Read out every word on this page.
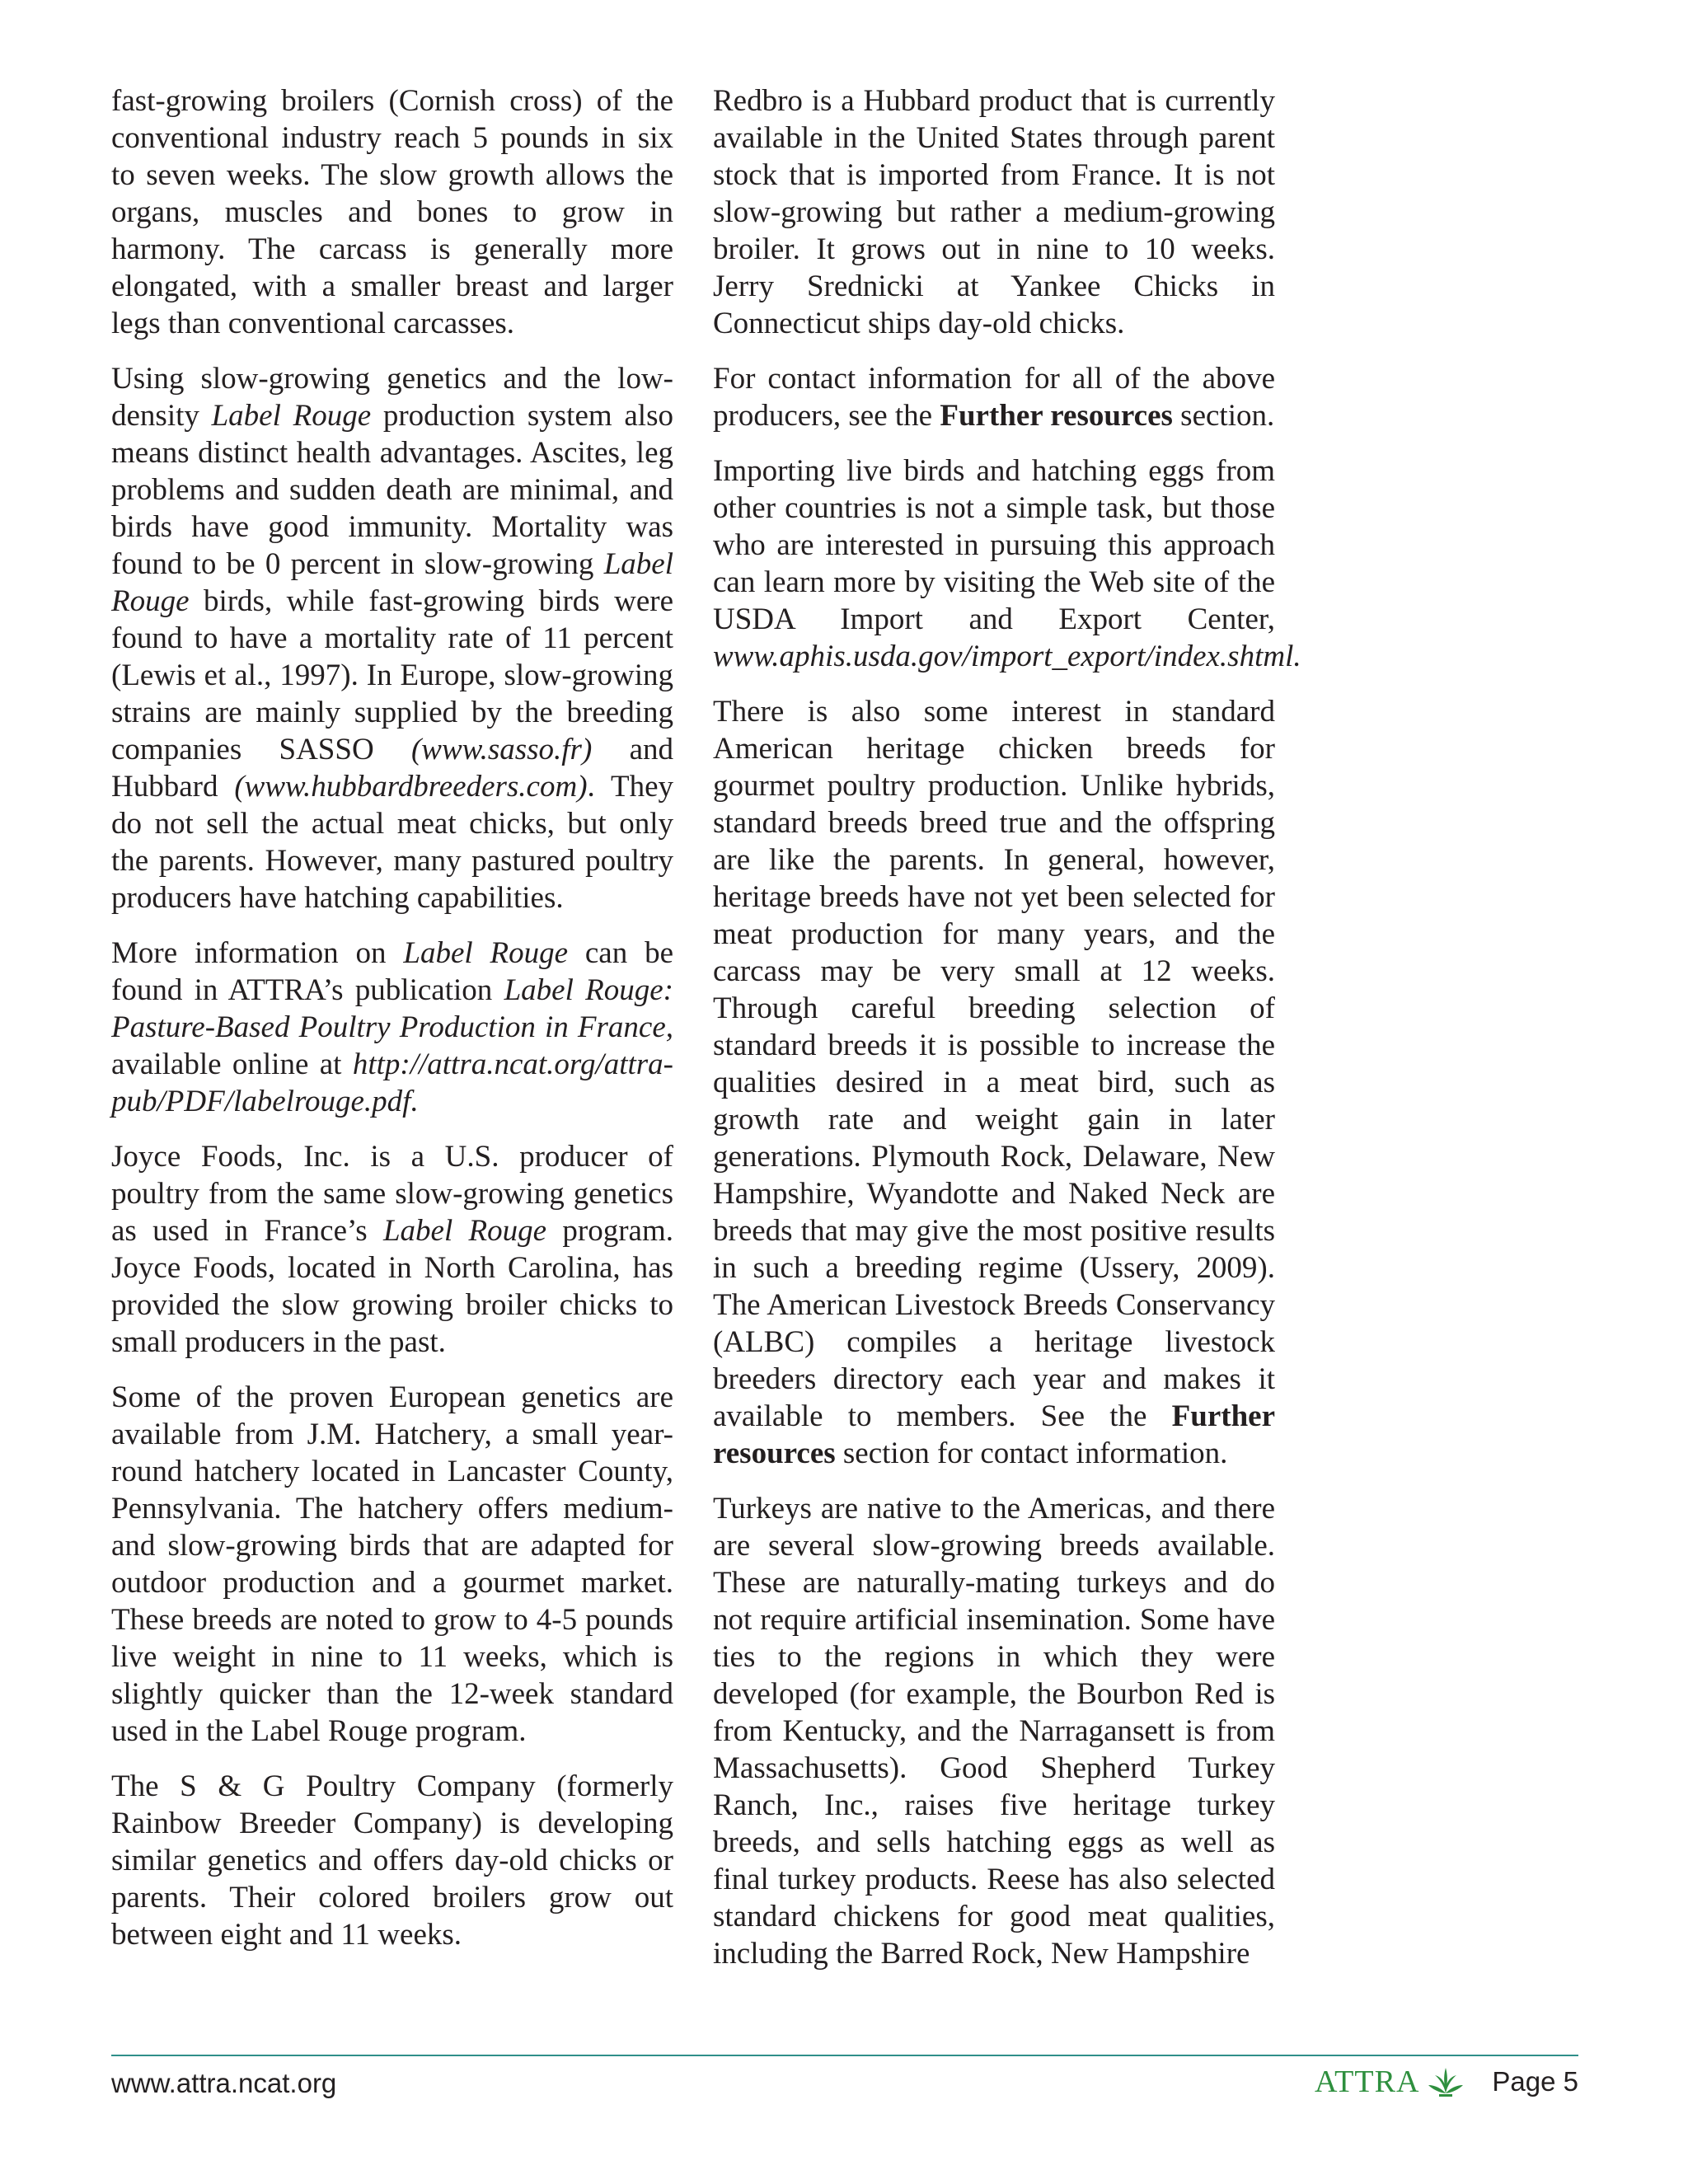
fast-growing broilers (Cornish cross) of the conventional industry reach 5 pounds in six to seven weeks. The slow growth allows the organs, muscles and bones to grow in harmony. The carcass is generally more elongated, with a smaller breast and larger legs than conventional carcasses.

Using slow-growing genetics and the low-density Label Rouge production system also means distinct health advantages. Ascites, leg problems and sudden death are minimal, and birds have good immunity. Mortality was found to be 0 percent in slow-growing Label Rouge birds, while fast-growing birds were found to have a mortality rate of 11 percent (Lewis et al., 1997). In Europe, slow-growing strains are mainly supplied by the breeding companies SASSO (www.sasso.fr) and Hubbard (www.hubbardbreeders.com). They do not sell the actual meat chicks, but only the parents. However, many pastured poultry producers have hatching capabilities.

More information on Label Rouge can be found in ATTRA’s publication Label Rouge: Pasture-Based Poultry Production in France, available online at http://attra.ncat.org/attra-pub/PDF/labelrouge.pdf.

Joyce Foods, Inc. is a U.S. producer of poultry from the same slow-growing genetics as used in France’s Label Rouge program. Joyce Foods, located in North Carolina, has provided the slow growing broiler chicks to small producers in the past.

Some of the proven European genetics are available from J.M. Hatchery, a small year-round hatchery located in Lancaster County, Pennsylvania. The hatchery offers medium- and slow-growing birds that are adapted for outdoor production and a gourmet market. These breeds are noted to grow to 4-5 pounds live weight in nine to 11 weeks, which is slightly quicker than the 12-week standard used in the Label Rouge program.

The S & G Poultry Company (formerly Rainbow Breeder Company) is developing similar genetics and offers day-old chicks or parents. Their colored broilers grow out between eight and 11 weeks.

Redbro is a Hubbard product that is currently available in the United States through parent stock that is imported from France. It is not slow-growing but rather a medium-growing broiler. It grows out in nine to 10 weeks. Jerry Srednicki at Yankee Chicks in Connecticut ships day-old chicks.

For contact information for all of the above producers, see the Further resources section.

Importing live birds and hatching eggs from other countries is not a simple task, but those who are interested in pursuing this approach can learn more by visiting the Web site of the USDA Import and Export Center, www.aphis.usda.gov/import_export/index.shtml.

There is also some interest in standard American heritage chicken breeds for gourmet poultry production. Unlike hybrids, standard breeds breed true and the offspring are like the parents. In general, however, heritage breeds have not yet been selected for meat production for many years, and the carcass may be very small at 12 weeks. Through careful breeding selection of standard breeds it is possible to increase the qualities desired in a meat bird, such as growth rate and weight gain in later generations. Plymouth Rock, Delaware, New Hampshire, Wyandotte and Naked Neck are breeds that may give the most positive results in such a breeding regime (Ussery, 2009). The American Livestock Breeds Conservancy (ALBC) compiles a heritage livestock breeders directory each year and makes it available to members. See the Further resources section for contact information.

Turkeys are native to the Americas, and there are several slow-growing breeds available. These are naturally-mating turkeys and do not require artificial insemination. Some have ties to the regions in which they were developed (for example, the Bourbon Red is from Kentucky, and the Narragansett is from Massachusetts). Good Shepherd Turkey Ranch, Inc., raises five heritage turkey breeds, and sells hatching eggs as well as final turkey products. Reese has also selected standard chickens for good meat qualities, including the Barred Rock, New Hampshire

www.attra.ncat.org	ATTRA	Page 5
